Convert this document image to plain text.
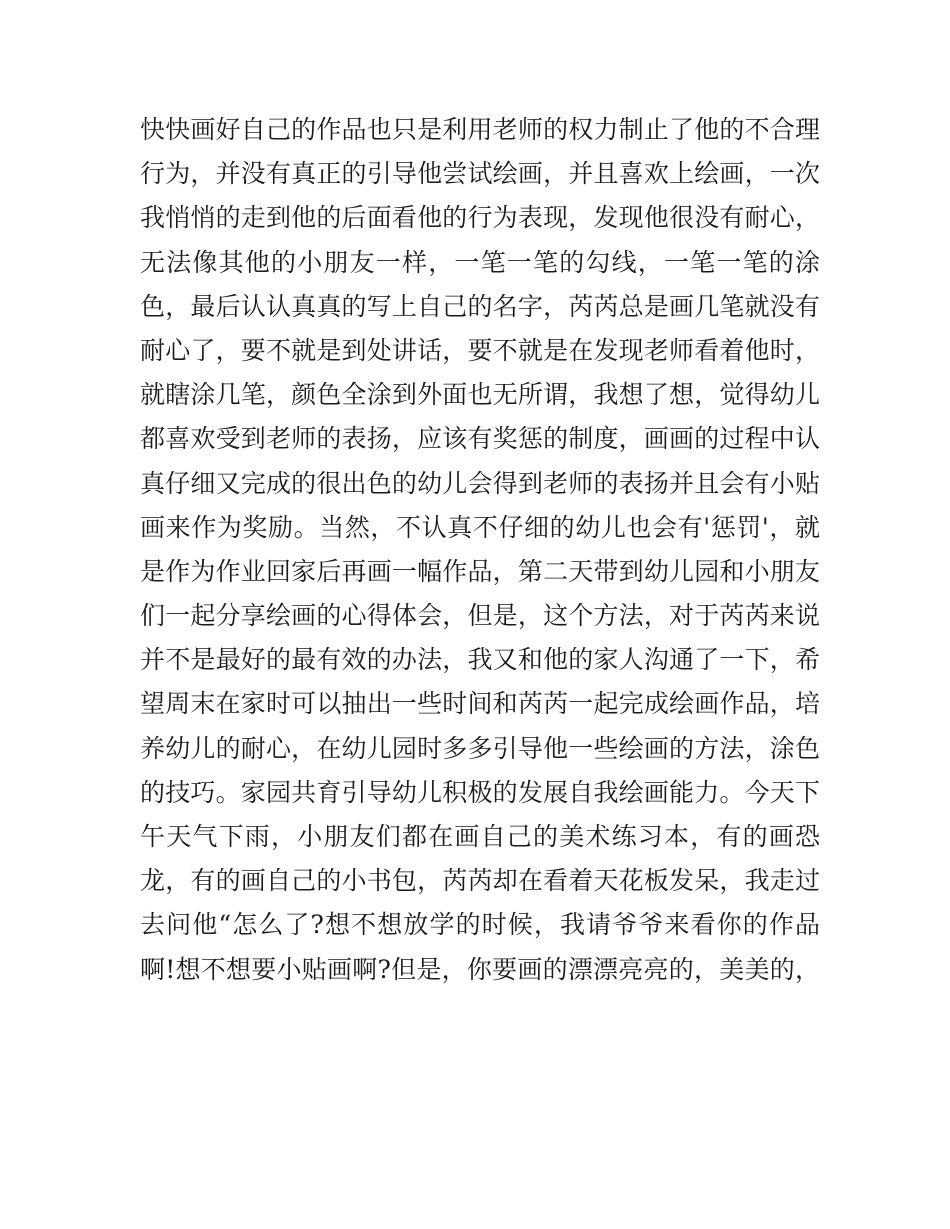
快快画好自己的作品也只是利用老师的权力制止了他的不合理
行为，并没有真正的引导他尝试绘画，并且喜欢上绘画，一次
我悄悄的走到他的后面看他的行为表现，发现他很没有耐心，
无法像其他的小朋友一样，一笔一笔的勾线，一笔一笔的涂
色，最后认认真真的写上自己的名字，芮芮总是画几笔就没有
耐心了，要不就是到处讲话，要不就是在发现老师看着他时，
就瞎涂几笔，颜色全涂到外面也无所谓，我想了想，觉得幼儿
都喜欢受到老师的表扬，应该有奖惩的制度，画画的过程中认
真仔细又完成的很出色的幼儿会得到老师的表扬并且会有小贴
画来作为奖励。当然，不认真不仔细的幼儿也会有'惩罚'，就
是作为作业回家后再画一幅作品，第二天带到幼儿园和小朋友
们一起分享绘画的心得体会，但是，这个方法，对于芮芮来说
并不是最好的最有效的办法，我又和他的家人沟通了一下，希
望周末在家时可以抽出一些时间和芮芮一起完成绘画作品，培
养幼儿的耐心，在幼儿园时多多引导他一些绘画的方法，涂色
的技巧。家园共育引导幼儿积极的发展自我绘画能力。今天下
午天气下雨，小朋友们都在画自己的美术练习本，有的画恐
龙，有的画自己的小书包，芮芮却在看着天花板发呆，我走过
去问他“怎么了?想不想放学的时候，我请爷爷来看你的作品
啊!想不想要小贴画啊?但是，你要画的漂漂亮亮的，美美的，
